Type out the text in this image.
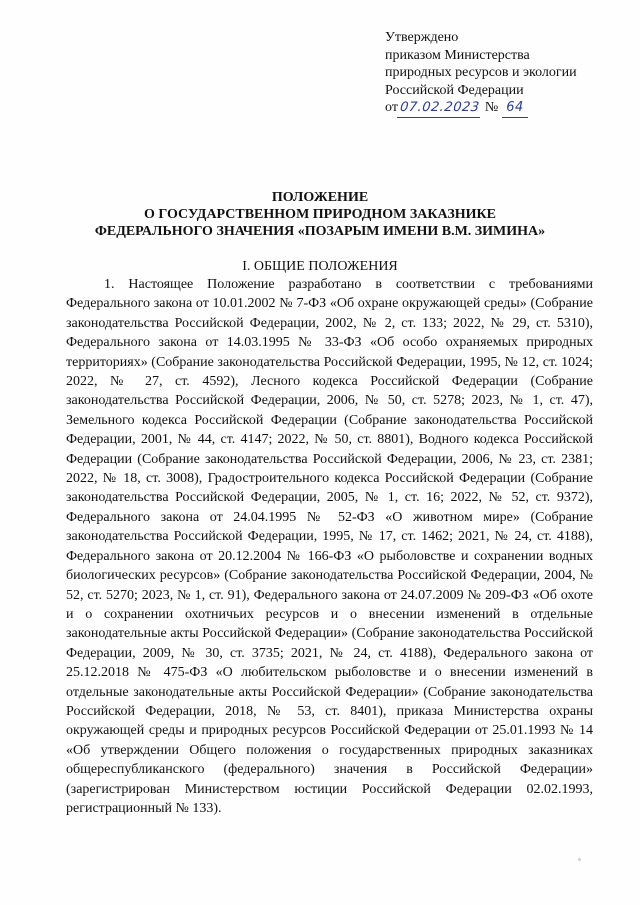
Утверждено
приказом Министерства
природных ресурсов и экологии
Российской Федерации
от07.02.2023 № 64
ПОЛОЖЕНИЕ
О ГОСУДАРСТВЕННОМ ПРИРОДНОМ ЗАКАЗНИКЕ
ФЕДЕРАЛЬНОГО ЗНАЧЕНИЯ «ПОЗАРЫМ ИМЕНИ В.М. ЗИМИНА»
I. ОБЩИЕ ПОЛОЖЕНИЯ

1. Настоящее Положение разработано в соответствии с требованиями Федерального закона от 10.01.2002 № 7-ФЗ «Об охране окружающей среды» (Собрание законодательства Российской Федерации, 2002, № 2, ст. 133; 2022, № 29, ст. 5310), Федерального закона от 14.03.1995 № 33-ФЗ «Об особо охраняемых природных территориях» (Собрание законодательства Российской Федерации, 1995, № 12, ст. 1024; 2022, № 27, ст. 4592), Лесного кодекса Российской Федерации (Собрание законодательства Российской Федерации, 2006, № 50, ст. 5278; 2023, № 1, ст. 47), Земельного кодекса Российской Федерации (Собрание законодательства Российской Федерации, 2001, № 44, ст. 4147; 2022, № 50, ст. 8801), Водного кодекса Российской Федерации (Собрание законодательства Российской Федерации, 2006, № 23, ст. 2381; 2022, № 18, ст. 3008), Градостроительного кодекса Российской Федерации (Собрание законодательства Российской Федерации, 2005, № 1, ст. 16; 2022, № 52, ст. 9372), Федерального закона от 24.04.1995 № 52-ФЗ «О животном мире» (Собрание законодательства Российской Федерации, 1995, № 17, ст. 1462; 2021, № 24, ст. 4188), Федерального закона от 20.12.2004 № 166-ФЗ «О рыболовстве и сохранении водных биологических ресурсов» (Собрание законодательства Российской Федерации, 2004, № 52, ст. 5270; 2023, № 1, ст. 91), Федерального закона от 24.07.2009 № 209-ФЗ «Об охоте и о сохранении охотничьих ресурсов и о внесении изменений в отдельные законодательные акты Российской Федерации» (Собрание законодательства Российской Федерации, 2009, № 30, ст. 3735; 2021, № 24, ст. 4188), Федерального закона от 25.12.2018 № 475-ФЗ «О любительском рыболовстве и о внесении изменений в отдельные законодательные акты Российской Федерации» (Собрание законодательства Российской Федерации, 2018, № 53, ст. 8401), приказа Министерства охраны окружающей среды и природных ресурсов Российской Федерации от 25.01.1993 № 14 «Об утверждении Общего положения о государственных природных заказниках общереспубликанского (федерального) значения в Российской Федерации» (зарегистрирован Министерством юстиции Российской Федерации 02.02.1993, регистрационный № 133).
